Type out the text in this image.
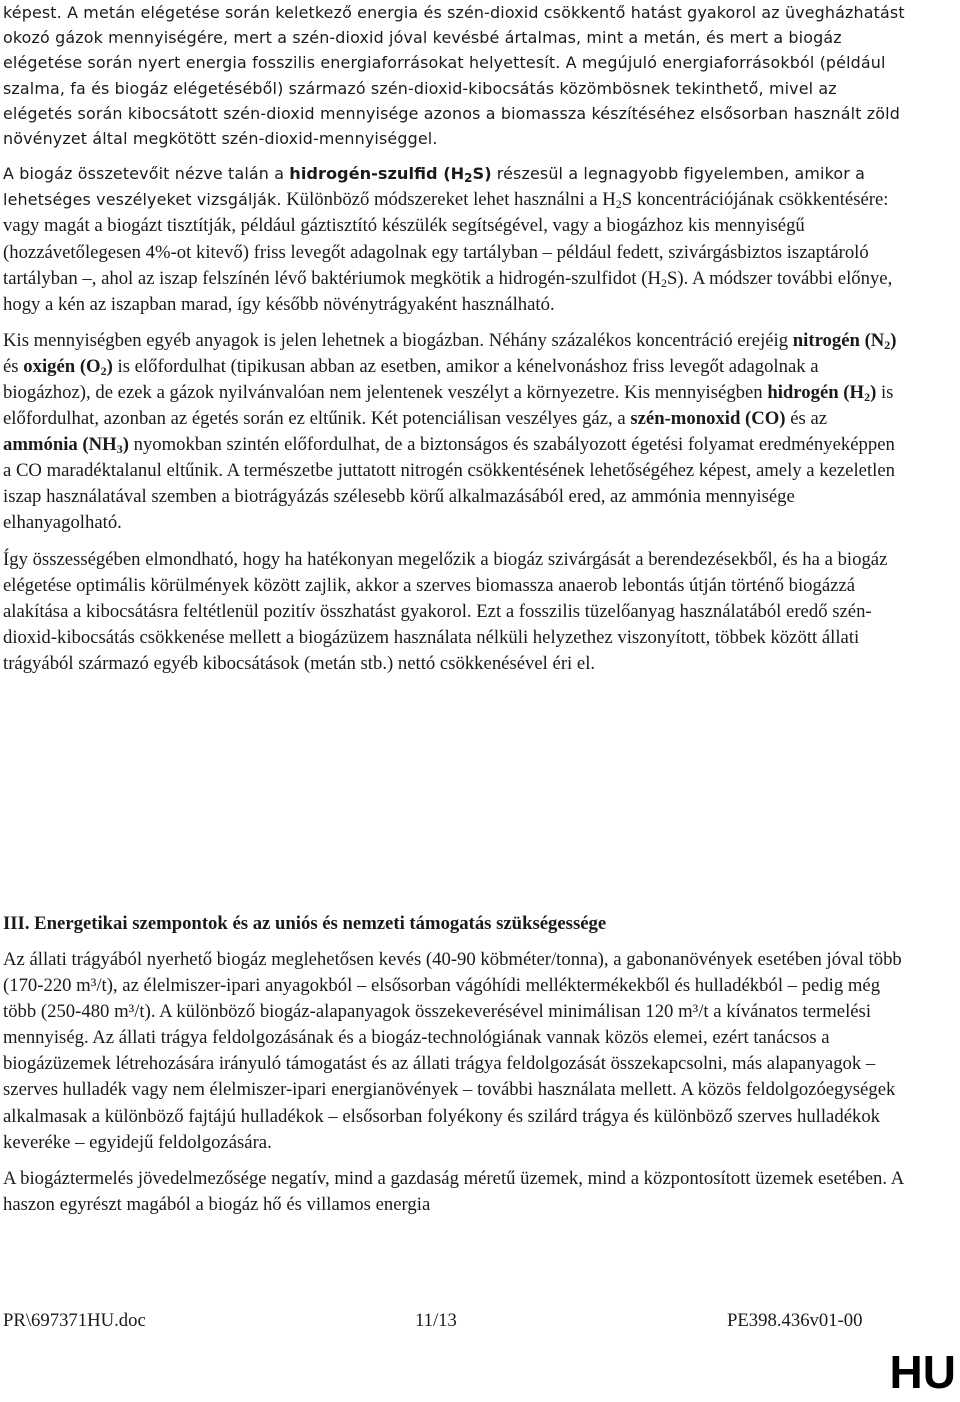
képest. A metán elégetése során keletkező energia és szén-dioxid csökkentő hatást gyakorol az üvegházhatást okozó gázok mennyiségére, mert a szén-dioxid jóval kevésbé ártalmas, mint a metán, és mert a biogáz elégetése során nyert energia fosszilis energiaforrásokat helyettesít. A megújuló energiaforrásokból (például szalma, fa és biogáz elégetéséből) származó szén-dioxid-kibocsátás közömbösnek tekinthető, mivel az elégetés során kibocsátott szén-dioxid mennyisége azonos a biomassza készítéséhez elsősorban használt zöld növényzet által megkötött szén-dioxid-mennyiséggel.

A biogáz összetevőit nézve talán a hidrogén-szulfid $(H_2S)$ részesül a legnagyobb figyelemben, amikor a lehetséges veszélyeket vizsgálják. Különböző módszereket lehet használni a $H_2S$ koncentrációjának csökkentésére: vagy magát a biogázt tisztítják, például gáztisztító készülék segítségével, vagy a biogázhoz kis mennyiségű (hozzávetőlegesen 4%-ot kitevő) friss levegőt adagolnak egy tartályban – például fedett, szivárgásbiztos iszaptároló tartályban –, ahol az iszap felszínén lévő baktériumok megkötik a hidrogén-szulfidot $(H_2S)$. A módszer további előnye, hogy a kén az iszapban marad, így később növénytrágyaként használható.

Kis mennyiségben egyéb anyagok is jelen lehetnek a biogázban. Néhány százalékos koncentráció erejéig nitrogén $(N_2)$ és oxigén $(O_2)$ is előfordulhat (tipikusan abban az esetben, amikor a kénelvonáshoz friss levegőt adagolnak a biogázhoz), de ezek a gázok nyilvánvalóan nem jelentenek veszélyt a környezetre. Kis mennyiségben hidrogén $(H_2)$ is előfordulhat, azonban az égetés során ez eltűnik. Két potenciálisan veszélyes gáz, a szén-monoxid (CO) és az ammónia $(NH_3)$ nyomokban szintén előfordulhat, de a biztonságos és szabályozott égetési folyamat eredményeképpen a CO maradéktalanul eltűnik. A természetbe juttatott nitrogén csökkentésének lehetőségéhez képest, amely a kezeletlen iszap használatával szemben a biotrágyázás szélesebb körű alkalmazásából ered, az ammónia mennyisége elhanyagolható.

Így összességében elmondható, hogy ha hatékonyan megelőzik a biogáz szivárgását a berendezésekből, és ha a biogáz elégetése optimális körülmények között zajlik, akkor a szerves biomassza anaerob lebontás útján történő biogázzá alakítása a kibocsátásra feltétlenül pozitív összhatást gyakorol. Ezt a fosszilis tüzelőanyag használatából eredő szén-dioxid-kibocsátás csökkenése mellett a biogázüzem használata nélküli helyzethez viszonyított, többek között állati trágyából származó egyéb kibocsátások (metán stb.) nettó csökkenésével éri el.

III. Energetikai szempontok és az uniós és nemzeti támogatás szükségessége

Az állati trágyából nyerhető biogáz meglehetősen kevés (40-90 köbméter/tonna), a gabonanövények esetében jóval több (170-220 m³/t), az élelmiszer-ipari anyagokból – elsősorban vágóhídi melléktermékekből és hulladékból – pedig még több (250-480 m³/t). A különböző biogáz-alapanyagok összekeverésével minimálisan 120 m³/t a kívánatos termelési mennyiség. Az állati trágya feldolgozásának és a biogáz-technológiának vannak közös elemei, ezért tanácsos a biogázüzemek létrehozására irányuló támogatást és az állati trágya feldolgozását összekapcsolni, más alapanyagok – szerves hulladék vagy nem élelmiszer-ipari energianövények – további használata mellett. A közös feldolgozóegységek alkalmasak a különböző fajtájú hulladékok – elsősorban folyékony és szilárd trágya és különböző szerves hulladékok keveréke – egyidejű feldolgozására.

A biogáztermelés jövedelmezősége negatív, mind a gazdaság méretű üzemek, mind a központosított üzemek esetében. A haszon egyrészt magából a biogáz hő és villamos energia

PR\697371HU.doc	11/13	PE398.436v01-00
HU
